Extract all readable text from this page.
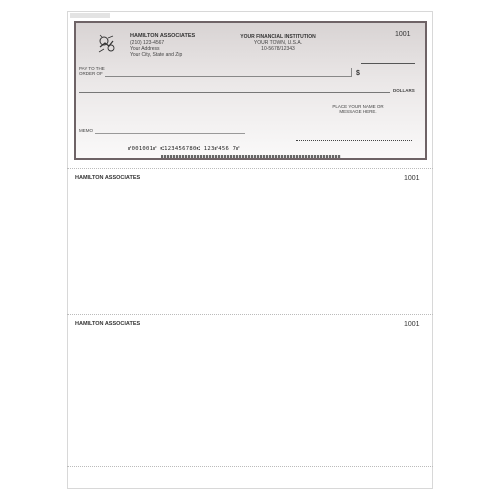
HAMILTON ASSOCIATES
(210) 123-4567
Your Address
Your City, State and Zip
YOUR FINANCIAL INSTITUTION
YOUR TOWN, U.S.A.
10-5678/12343
1001
PAY TO THE
ORDER OF	$
DOLLARS
PLACE YOUR NAME OR
MESSAGE HERE.
MEMO
⑈001001⑈ ⑆123456780⑆ 123⑈456 7⑈
HAMILTON ASSOCIATES	1001
HAMILTON ASSOCIATES	1001
